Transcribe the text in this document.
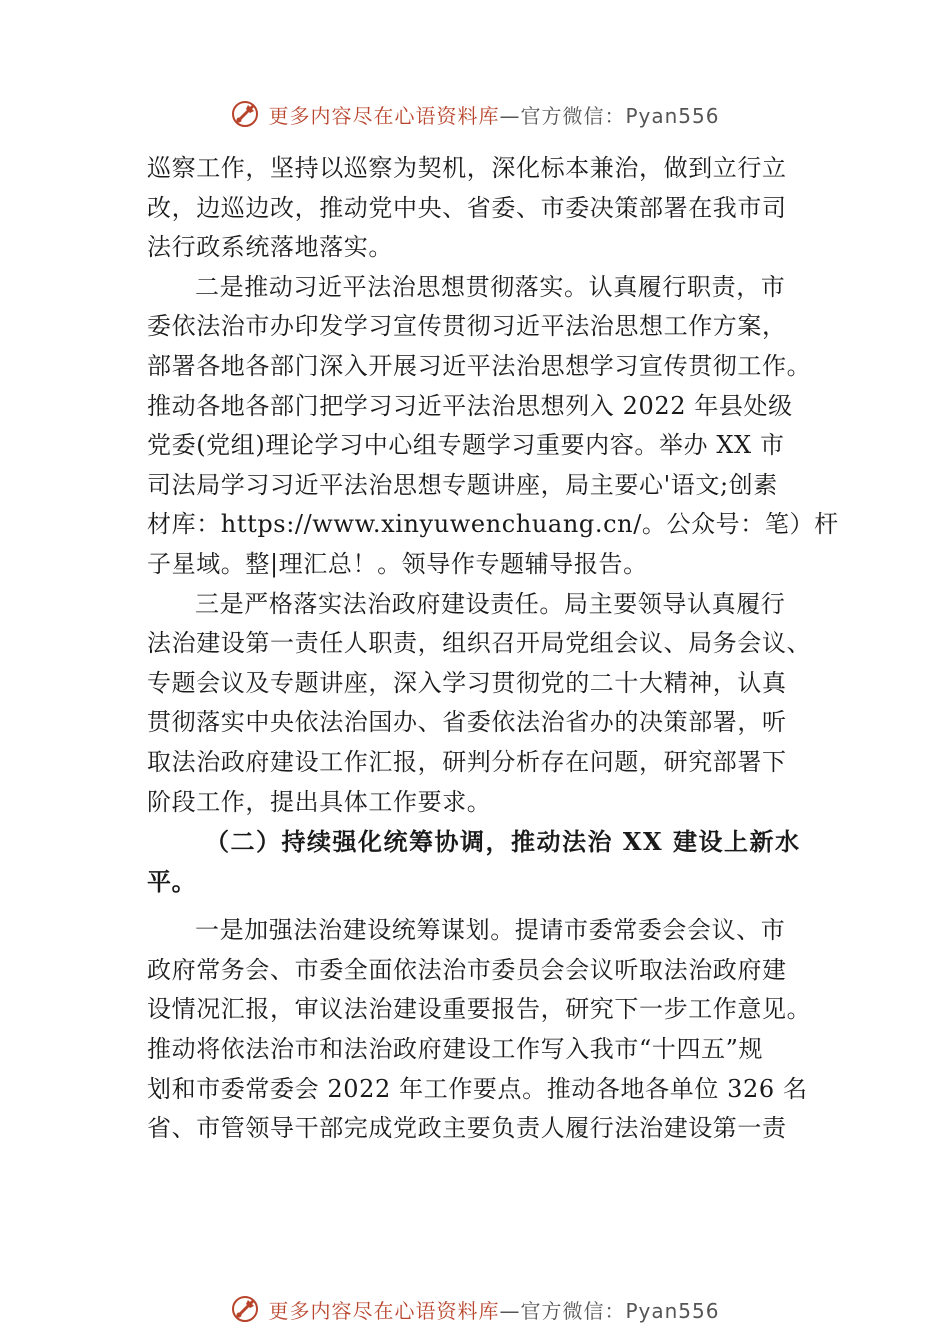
更多内容尽在心语资料库—官方微信：Pyan556
巡察工作，坚持以巡察为契机，深化标本兼治，做到立行立
改，边巡边改，推动党中央、省委、市委决策部署在我市司
法行政系统落地落实。
二是推动习近平法治思想贯彻落实。认真履行职责，市
委依法治市办印发学习宣传贯彻习近平法治思想工作方案，
部署各地各部门深入开展习近平法治思想学习宣传贯彻工作。
推动各地各部门把学习习近平法治思想列入 2022 年县处级
党委(党组)理论学习中心组专题学习重要内容。举办 XX 市
司法局学习习近平法治思想专题讲座，局主要心'语文;创素
材库：https://www.xinyuwenchuang.cn/。公众号：笔）杆
子星域。整|理汇总！。领导作专题辅导报告。
三是严格落实法治政府建设责任。局主要领导认真履行
法治建设第一责任人职责，组织召开局党组会议、局务会议、
专题会议及专题讲座，深入学习贯彻党的二十大精神，认真
贯彻落实中央依法治国办、省委依法治省办的决策部署，听
取法治政府建设工作汇报，研判分析存在问题，研究部署下
阶段工作，提出具体工作要求。
（二）持续强化统筹协调，推动法治 XX 建设上新水
平。
一是加强法治建设统筹谋划。提请市委常委会会议、市
政府常务会、市委全面依法治市委员会会议听取法治政府建
设情况汇报，审议法治建设重要报告，研究下一步工作意见。
推动将依法治市和法治政府建设工作写入我市“十四五”规
划和市委常委会 2022 年工作要点。推动各地各单位 326 名
省、市管领导干部完成党政主要负责人履行法治建设第一责
更多内容尽在心语资料库—官方微信：Pyan556
